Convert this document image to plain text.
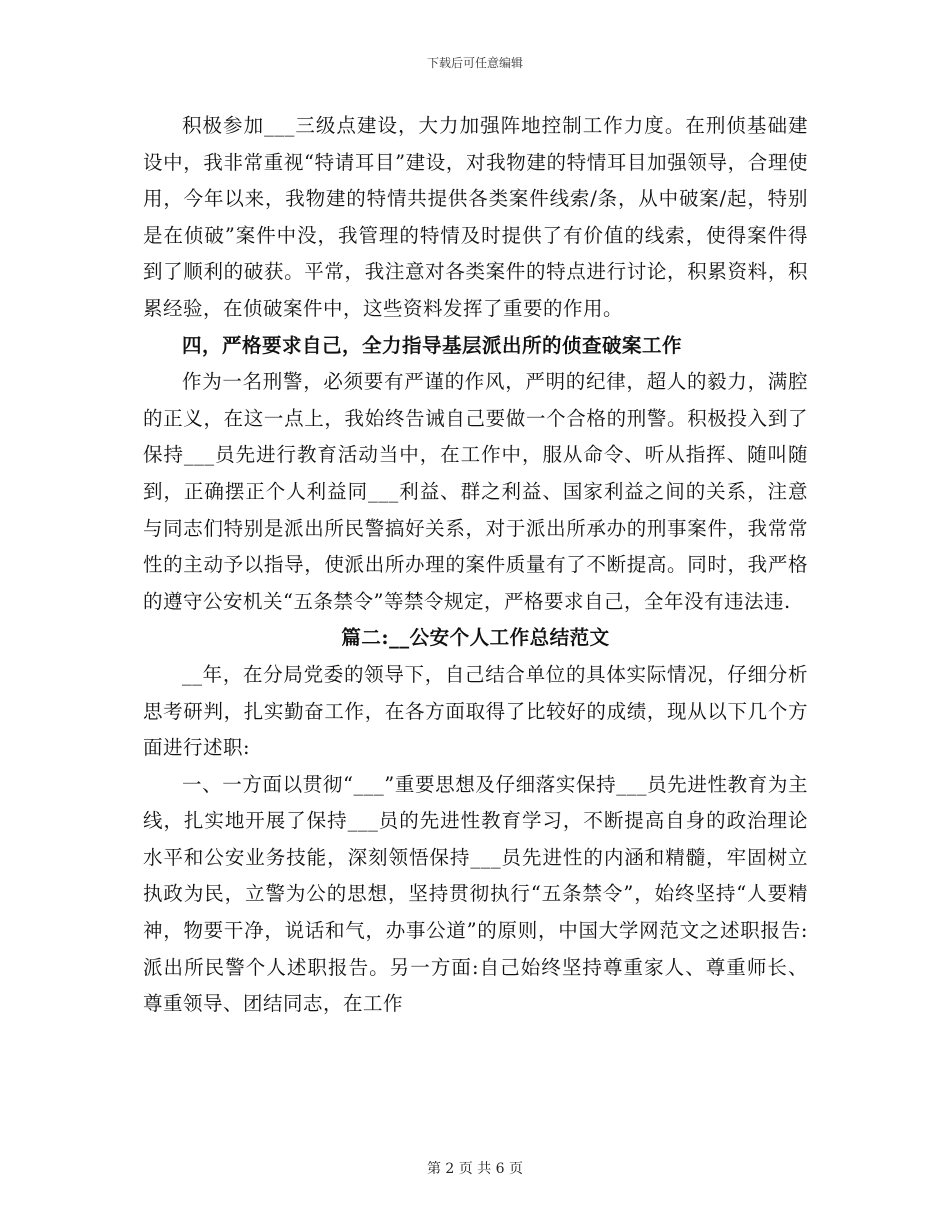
下载后可任意编辑

积极参加___三级点建设，大力加强阵地控制工作力度。在刑侦基础建设中，我非常重视“特请耳目”建设，对我物建的特情耳目加强领导，合理使用，今年以来，我物建的特情共提供各类案件线索/条，从中破案/起，特别是在侦破”案件中没，我管理的特情及时提供了有价值的线索，使得案件得到了顺利的破获。平常，我注意对各类案件的特点进行讨论，积累资料，积累经验，在侦破案件中，这些资料发挥了重要的作用。

四，严格要求自己，全力指导基层派出所的侦查破案工作

作为一名刑警，必须要有严谨的作风，严明的纪律，超人的毅力，满腔的正义，在这一点上，我始终告诫自己要做一个合格的刑警。积极投入到了保持___员先进行教育活动当中，在工作中，服从命令、听从指挥、随叫随到，正确摆正个人利益同___利益、群之利益、国家利益之间的关系，注意与同志们特别是派出所民警搞好关系，对于派出所承办的刑事案件，我常常性的主动予以指导，使派出所办理的案件质量有了不断提高。同时，我严格的遵守公安机关“五条禁令”等禁令规定，严格要求自己，全年没有违法违.

篇二:__公安个人工作总结范文

__年，在分局党委的领导下，自己结合单位的具体实际情况，仔细分析思考研判，扎实勤奋工作，在各方面取得了比较好的成绩，现从以下几个方面进行述职:

一、一方面以贯彻“___”重要思想及仔细落实保持___员先进性教育为主线，扎实地开展了保持___员的先进性教育学习，不断提高自身的政治理论水平和公安业务技能，深刻领悟保持___员先进性的内涵和精髓，牢固树立执政为民，立警为公的思想，坚持贯彻执行“五条禁令”，始终坚持“人要精神，物要干净，说话和气，办事公道”的原则，中国大学网范文之述职报告:派出所民警个人述职报告。另一方面:自己始终坚持尊重家人、尊重师长、尊重领导、团结同志，在工作

第 2 页 共 6 页
